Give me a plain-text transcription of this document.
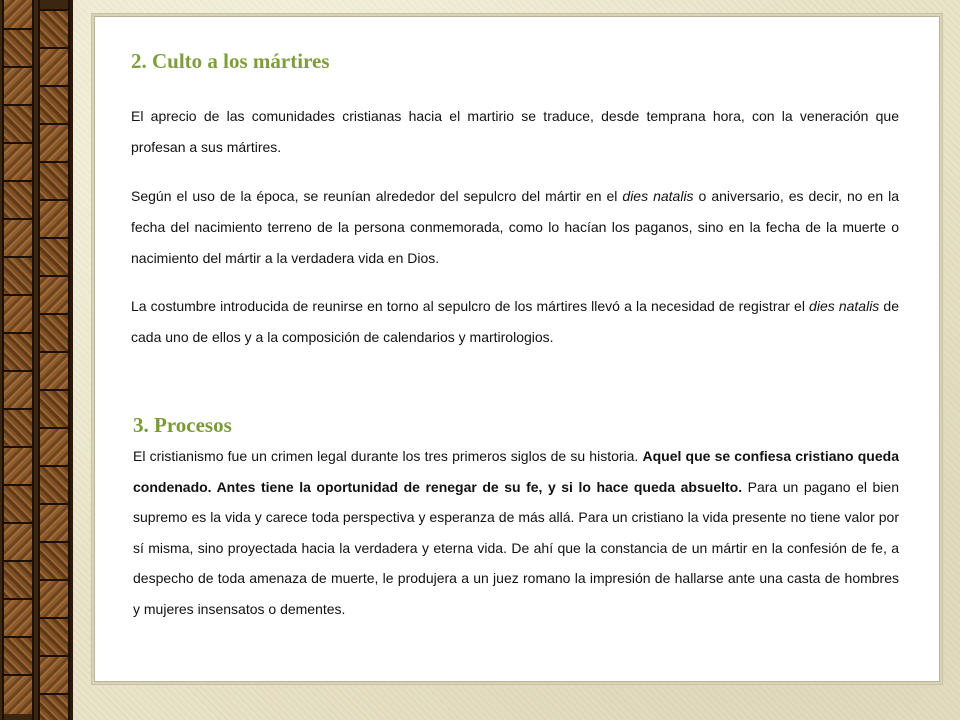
2. Culto a los mártires

El aprecio de las comunidades cristianas hacia el martirio se traduce, desde temprana hora, con la veneración que profesan a sus mártires.

Según el uso de la época, se reunían alrededor del sepulcro del mártir en el dies natalis o aniversario, es decir, no en la fecha del nacimiento terreno de la persona conmemorada, como lo hacían los paganos, sino en la fecha de la muerte o nacimiento del mártir a la verdadera vida en Dios.

La costumbre introducida de reunirse en torno al sepulcro de los mártires llevó a la necesidad de registrar el dies natalis de cada uno de ellos y a la composición de calendarios y martirologios.

3. Procesos

El cristianismo fue un crimen legal durante los tres primeros siglos de su historia. Aquel que se confiesa cristiano queda condenado. Antes tiene la oportunidad de renegar de su fe, y si lo hace queda absuelto. Para un pagano el bien supremo es la vida y carece toda perspectiva y esperanza de más allá. Para un cristiano la vida presente no tiene valor por sí misma, sino proyectada hacia la verdadera y eterna vida. De ahí que la constancia de un mártir en la confesión de fe, a despecho de toda amenaza de muerte, le produjera a un juez romano la impresión de hallarse ante una casta de hombres y mujeres insensatos o dementes.
